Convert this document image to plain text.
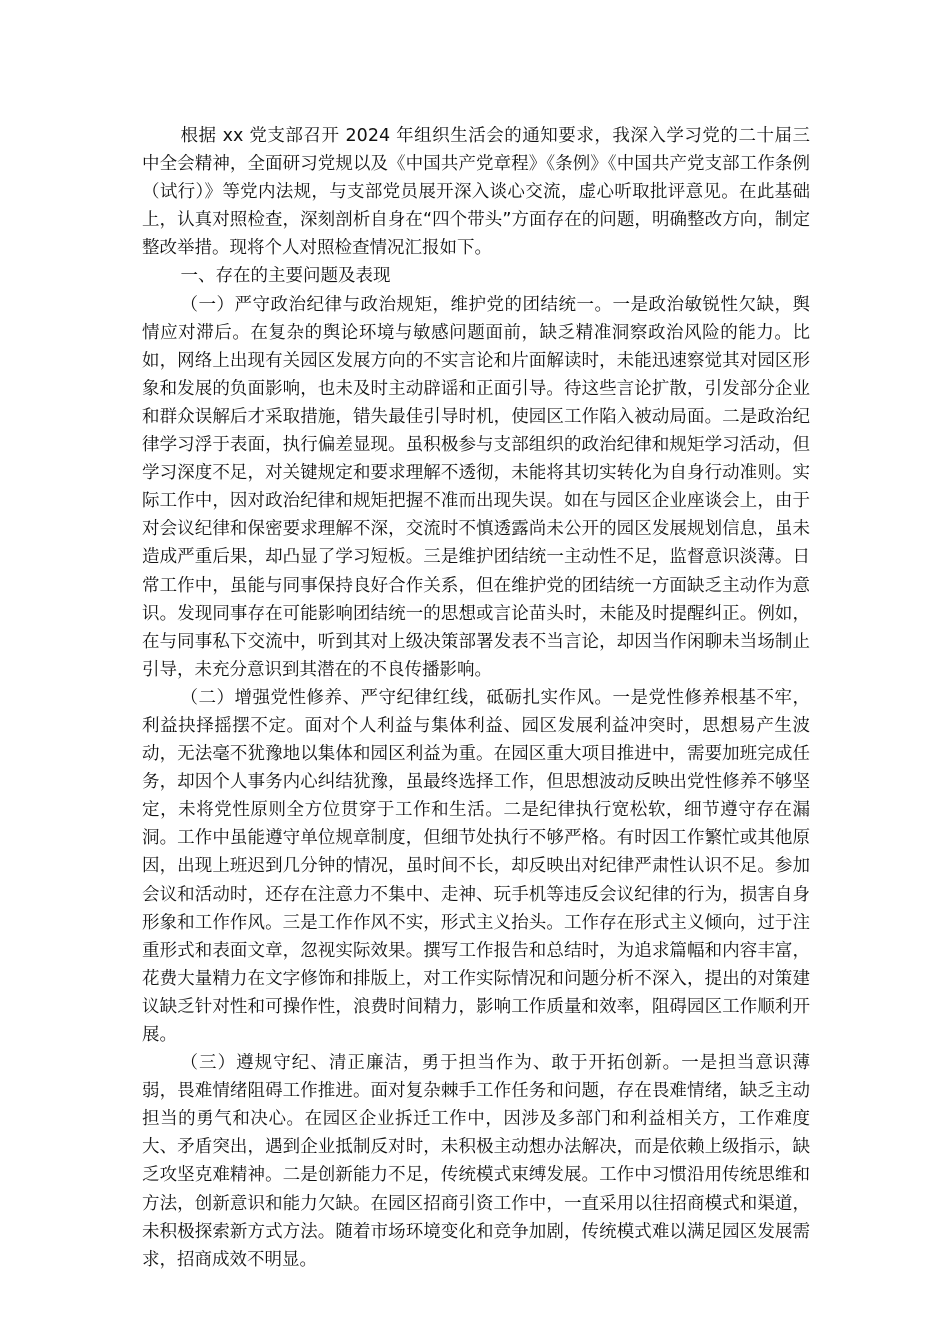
根据 xx 党支部召开 2024 年组织生活会的通知要求，我深入学习党的二十届三中全会精神，全面研习党规以及《中国共产党章程》《条例》《中国共产党支部工作条例（试行）》等党内法规，与支部党员展开深入谈心交流，虚心听取批评意见。在此基础上，认真对照检查，深刻剖析自身在“四个带头”方面存在的问题，明确整改方向，制定整改举措。现将个人对照检查情况汇报如下。

一、存在的主要问题及表现

（一）严守政治纪律与政治规矩，维护党的团结统一。一是政治敏锐性欠缺，舆情应对滞后。在复杂的舆论环境与敏感问题面前，缺乏精准洞察政治风险的能力。比如，网络上出现有关园区发展方向的不实言论和片面解读时，未能迅速察觉其对园区形象和发展的负面影响，也未及时主动辟谣和正面引导。待这些言论扩散，引发部分企业和群众误解后才采取措施，错失最佳引导时机，使园区工作陷入被动局面。二是政治纪律学习浮于表面，执行偏差显现。虽积极参与支部组织的政治纪律和规矩学习活动，但学习深度不足，对关键规定和要求理解不透彻，未能将其切实转化为自身行动准则。实际工作中，因对政治纪律和规矩把握不准而出现失误。如在与园区企业座谈会上，由于对会议纪律和保密要求理解不深，交流时不慎透露尚未公开的园区发展规划信息，虽未造成严重后果，却凸显了学习短板。三是维护团结统一主动性不足，监督意识淡薄。日常工作中，虽能与同事保持良好合作关系，但在维护党的团结统一方面缺乏主动作为意识。发现同事存在可能影响团结统一的思想或言论苗头时，未能及时提醒纠正。例如，在与同事私下交流中，听到其对上级决策部署发表不当言论，却因当作闲聊未当场制止引导，未充分意识到其潜在的不良传播影响。

（二）增强党性修养、严守纪律红线，砥砺扎实作风。一是党性修养根基不牢，利益抉择摇摆不定。面对个人利益与集体利益、园区发展利益冲突时，思想易产生波动，无法毫不犹豫地以集体和园区利益为重。在园区重大项目推进中，需要加班完成任务，却因个人事务内心纠结犹豫，虽最终选择工作，但思想波动反映出党性修养不够坚定，未将党性原则全方位贯穿于工作和生活。二是纪律执行宽松软，细节遵守存在漏洞。工作中虽能遵守单位规章制度，但细节处执行不够严格。有时因工作繁忙或其他原因，出现上班迟到几分钟的情况，虽时间不长，却反映出对纪律严肃性认识不足。参加会议和活动时，还存在注意力不集中、走神、玩手机等违反会议纪律的行为，损害自身形象和工作作风。三是工作作风不实，形式主义抬头。工作存在形式主义倾向，过于注重形式和表面文章，忽视实际效果。撰写工作报告和总结时，为追求篇幅和内容丰富，花费大量精力在文字修饰和排版上，对工作实际情况和问题分析不深入，提出的对策建议缺乏针对性和可操作性，浪费时间精力，影响工作质量和效率，阻碍园区工作顺利开展。

（三）遵规守纪、清正廉洁，勇于担当作为、敢于开拓创新。一是担当意识薄弱，畏难情绪阻碍工作推进。面对复杂棘手工作任务和问题，存在畏难情绪，缺乏主动担当的勇气和决心。在园区企业拆迁工作中，因涉及多部门和利益相关方，工作难度大、矛盾突出，遇到企业抵制反对时，未积极主动想办法解决，而是依赖上级指示，缺乏攻坚克难精神。二是创新能力不足，传统模式束缚发展。工作中习惯沿用传统思维和方法，创新意识和能力欠缺。在园区招商引资工作中，一直采用以往招商模式和渠道，未积极探索新方式方法。随着市场环境变化和竞争加剧，传统模式难以满足园区发展需求，招商成效不明显。
